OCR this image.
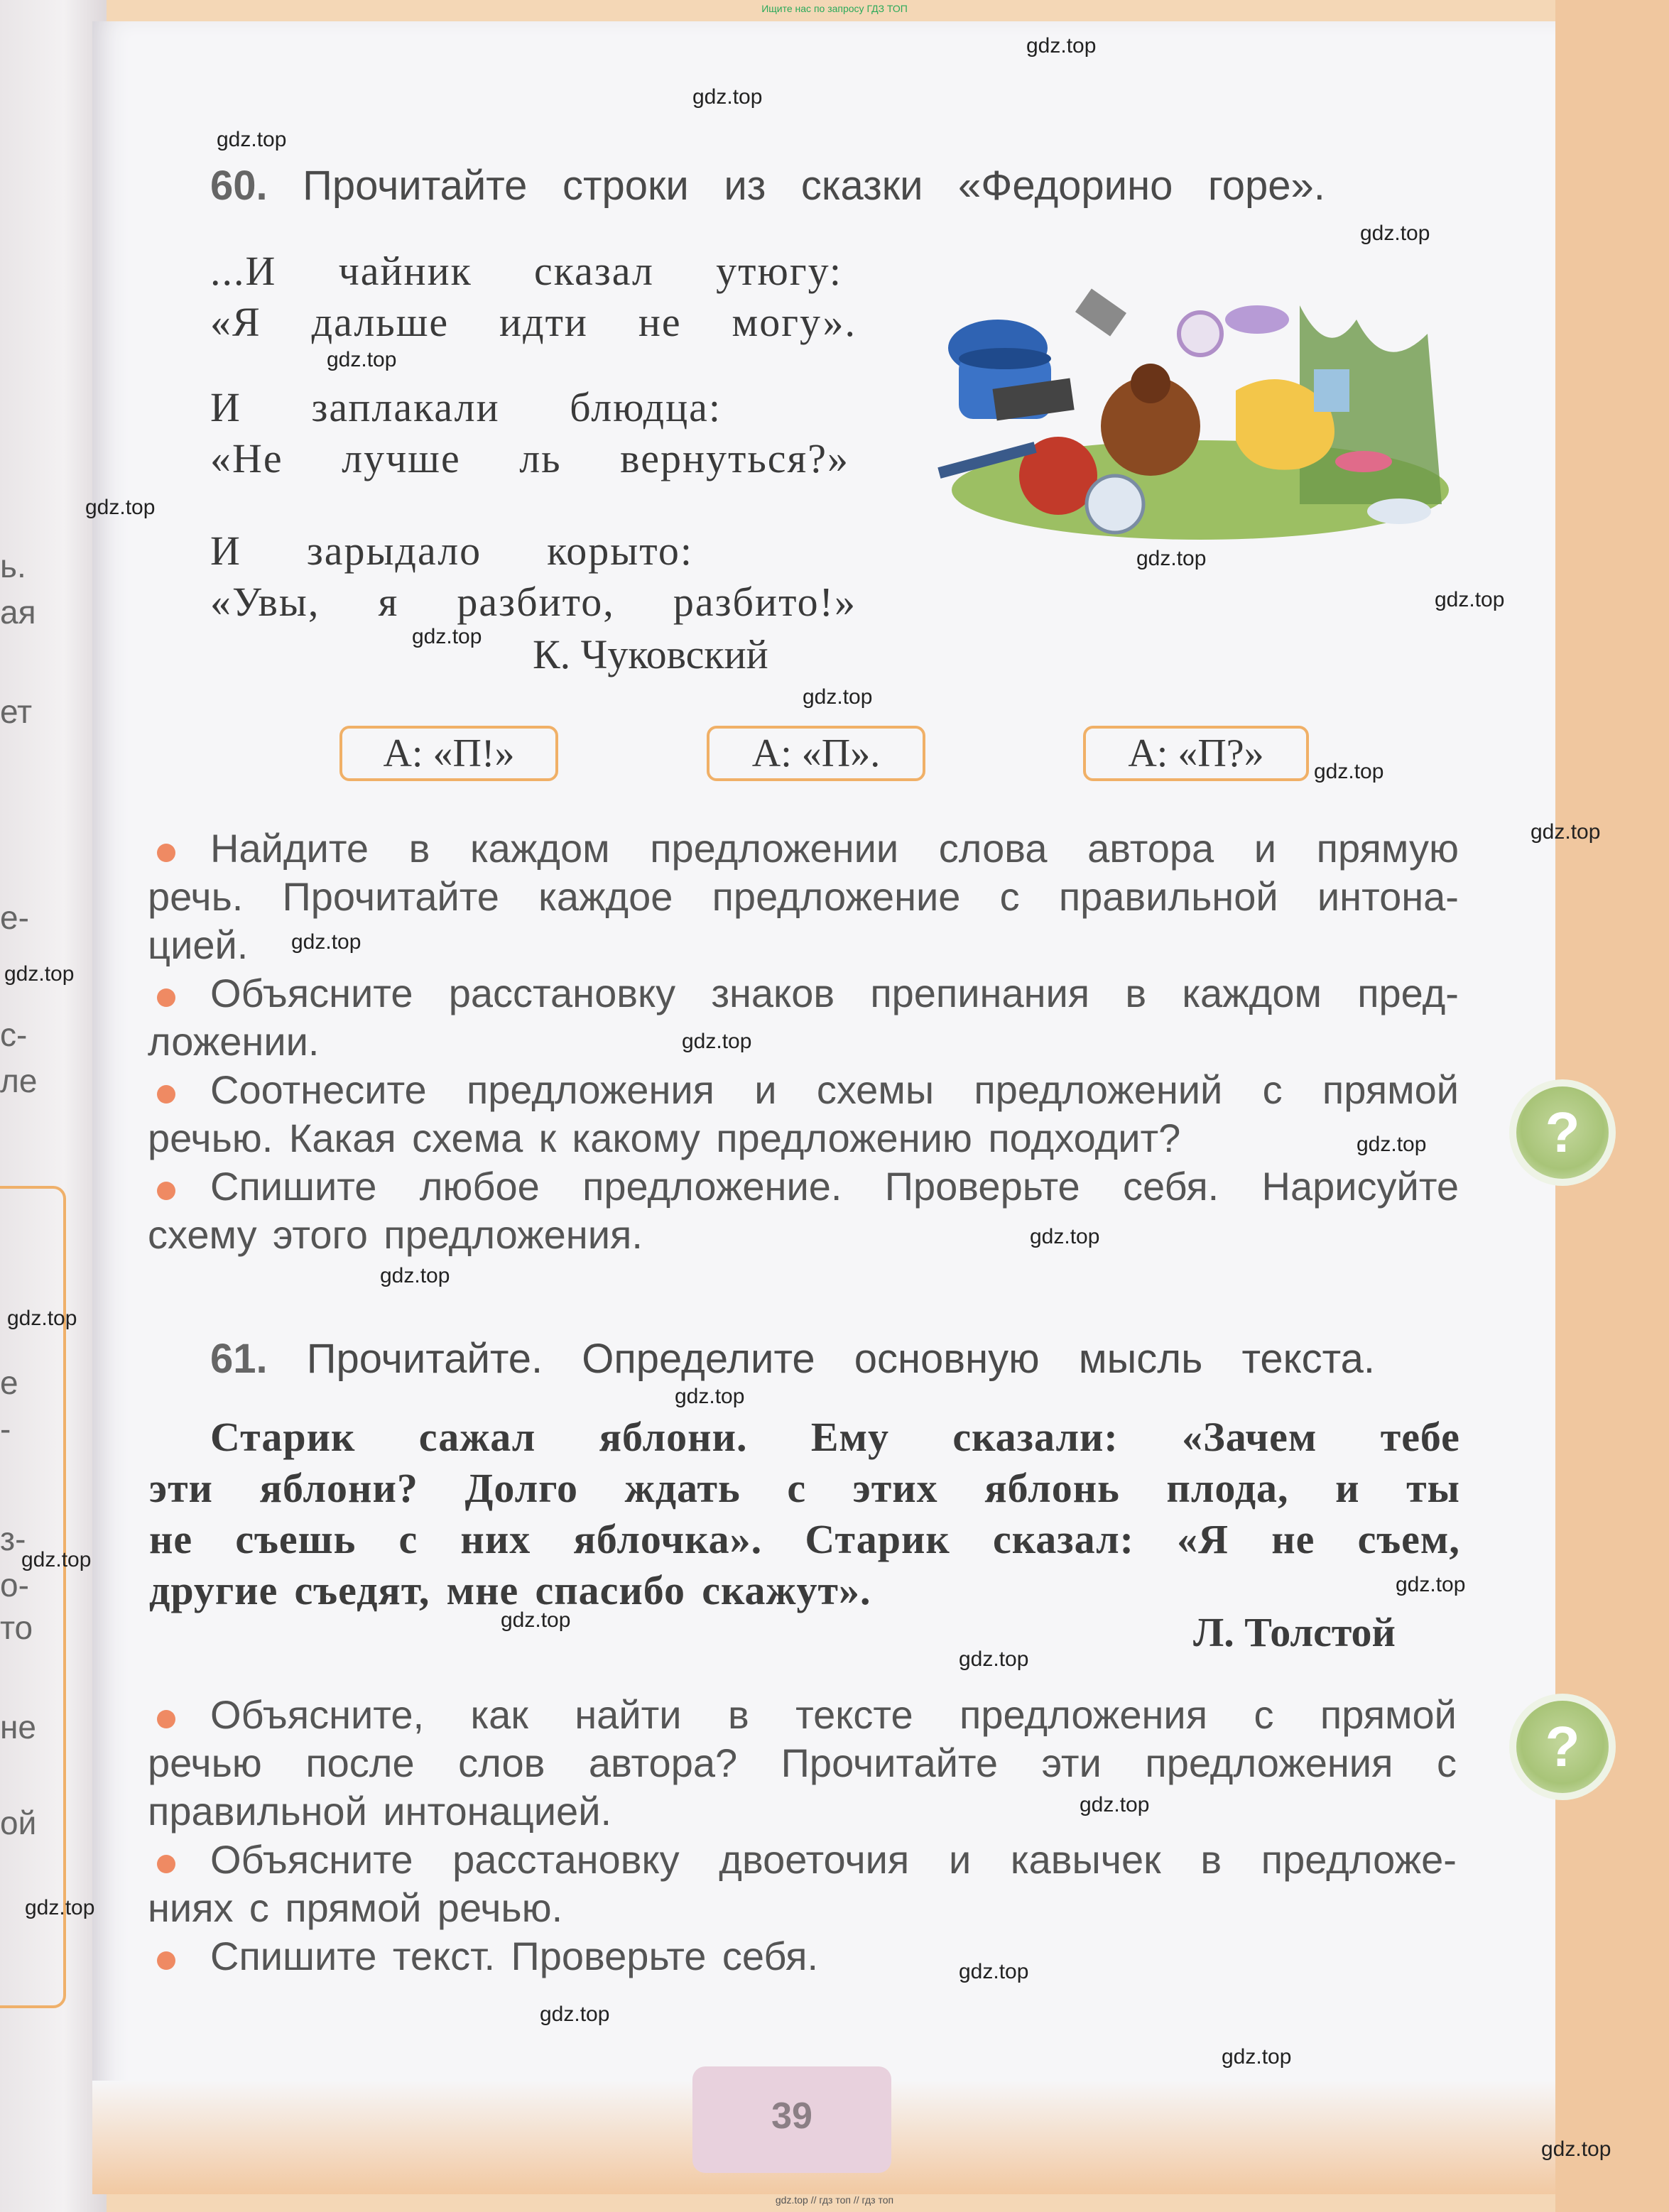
39
Ищите нас по запросу ГДЗ ТОП
gdz.top // гдз топ // гдз топ
ь.
ая
ет
е-
с-
ле
е
-
з-
о-
то
не
ой
?
?
60. Прочитайте строки из сказки «Федорино горе».
...И чайник сказал утюгу:
«Я дальше идти не могу».
И заплакали блюдца:
«Не лучше ль вернуться?»
И зарыдало корыто:
«Увы, я разбито, разбито!»
К. Чуковский
А: «П!»	А: «П».	А: «П?»
Найдите в каждом предложении слова автора и прямую
речь. Прочитайте каждое предложение с правильной интона-
цией.
Объясните расстановку знаков препинания в каждом пред-
ложении.
Соотнесите предложения и схемы предложений с прямой
речью. Какая схема к какому предложению подходит?
Спишите любое предложение. Проверьте себя. Нарисуйте
схему этого предложения.
61. Прочитайте. Определите основную мысль текста.
Старик сажал яблони. Ему сказали: «Зачем тебе
эти яблони? Долго ждать с этих яблонь плода, и ты
не съешь с них яблочка». Старик сказал: «Я не съем,
другие съедят, мне спасибо скажут».
Л. Толстой
Объясните, как найти в тексте предложения с прямой
речью после слов автора? Прочитайте эти предложения с
правильной интонацией.
Объясните расстановку двоеточия и кавычек в предложе-
ниях с прямой речью.
Спишите текст. Проверьте себя.
gdz.top
gdz.top
gdz.top
gdz.top
gdz.top
gdz.top
gdz.top
gdz.top
gdz.top
gdz.top
gdz.top
gdz.top
gdz.top
gdz.top
gdz.top
gdz.top
gdz.top
gdz.top
gdz.top
gdz.top
gdz.top
gdz.top
gdz.top
gdz.top
gdz.top
gdz.top
gdz.top
gdz.top
gdz.top
gdz.top
